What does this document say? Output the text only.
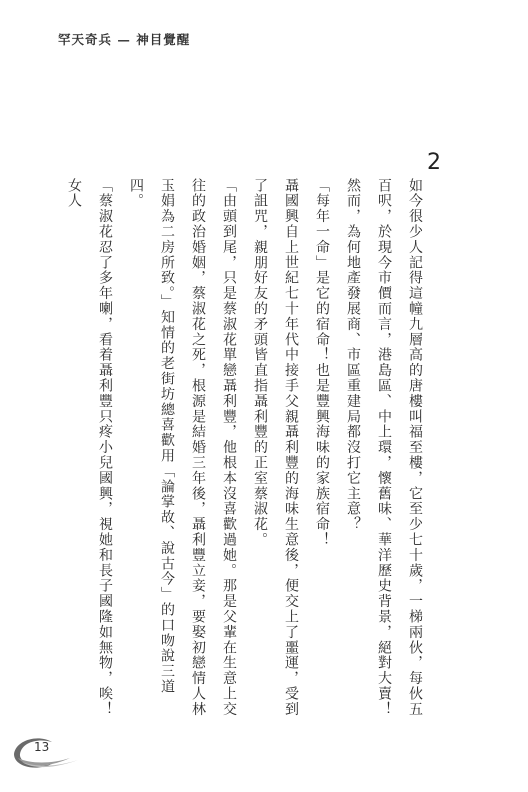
罕天奇兵 — 神目覺醒
2

如今很少人記得這幢九層高的唐樓叫福至樓，它至少七十歲，一梯兩伙，每伙五百呎，於現今市價而言，港島區、中上環，懷舊味、華洋歷史背景，絕對大賣！然而，為何地產發展商、市區重建局都沒打它主意？

「每年一命」是它的宿命！也是豐興海味的家族宿命！

聶國興自上世紀七十年代中接手父親聶利豐的海味生意後，便交上了噩運，受到了詛咒，親朋好友的矛頭皆直指聶利豐的正室蔡淑花。

「由頭到尾，只是蔡淑花單戀聶利豐，他根本沒喜歡過她。那是父輩在生意上交往的政治婚姻，蔡淑花之死，根源是結婚三年後，聶利豐立妾，要娶初戀情人林玉娟為二房所致。」知情的老街坊總喜歡用「論掌故、說古今」的口吻說三道四。

「蔡淑花忍了多年喇，看着聶利豐只疼小兒國興，視她和長子國隆如無物，唉！女人

13
